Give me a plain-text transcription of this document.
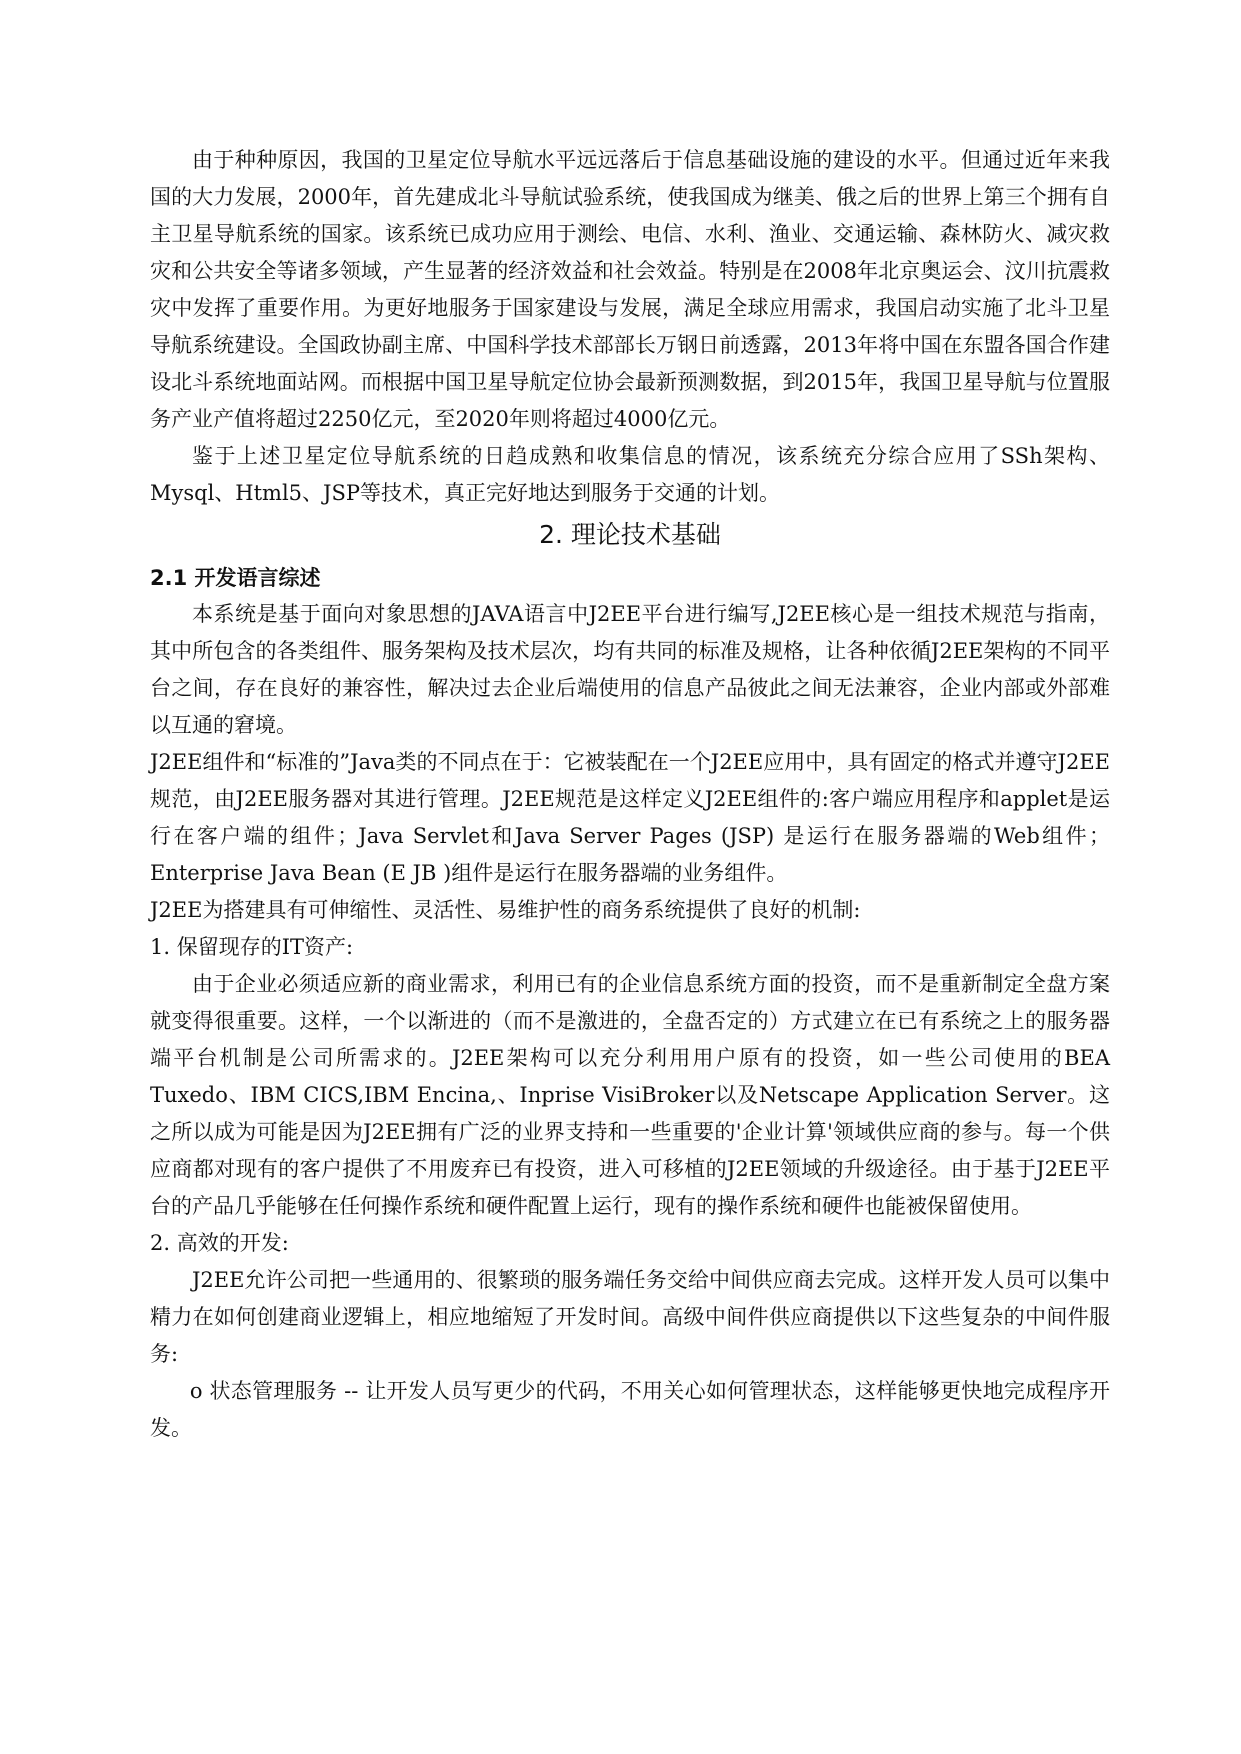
由于种种原因，我国的卫星定位导航水平远远落后于信息基础设施的建设的水平。但通过近年来我国的大力发展，2000年，首先建成北斗导航试验系统，使我国成为继美、俄之后的世界上第三个拥有自主卫星导航系统的国家。该系统已成功应用于测绘、电信、水利、渔业、交通运输、森林防火、减灾救灾和公共安全等诸多领域，产生显著的经济效益和社会效益。特别是在2008年北京奥运会、汶川抗震救灾中发挥了重要作用。为更好地服务于国家建设与发展，满足全球应用需求，我国启动实施了北斗卫星导航系统建设。全国政协副主席、中国科学技术部部长万钢日前透露，2013年将中国在东盟各国合作建设北斗系统地面站网。而根据中国卫星导航定位协会最新预测数据，到2015年，我国卫星导航与位置服务产业产值将超过2250亿元，至2020年则将超过4000亿元。

鉴于上述卫星定位导航系统的日趋成熟和收集信息的情况，该系统充分综合应用了SSh架构、Mysql、Html5、JSP等技术，真正完好地达到服务于交通的计划。

2. 理论技术基础
2.1 开发语言综述

本系统是基于面向对象思想的JAVA语言中J2EE平台进行编写,J2EE核心是一组技术规范与指南，其中所包含的各类组件、服务架构及技术层次，均有共同的标准及规格，让各种依循J2EE架构的不同平台之间，存在良好的兼容性，解决过去企业后端使用的信息产品彼此之间无法兼容，企业内部或外部难以互通的窘境。

J2EE组件和“标准的”Java类的不同点在于：它被装配在一个J2EE应用中，具有固定的格式并遵守J2EE规范，由J2EE服务器对其进行管理。J2EE规范是这样定义J2EE组件的:客户端应用程序和applet是运行在客户端的组件；Java Servlet和Java Server Pages (JSP) 是运行在服务器端的Web组件；Enterprise Java Bean (E JB )组件是运行在服务器端的业务组件。

J2EE为搭建具有可伸缩性、灵活性、易维护性的商务系统提供了良好的机制:

1. 保留现存的IT资产:

由于企业必须适应新的商业需求，利用已有的企业信息系统方面的投资，而不是重新制定全盘方案就变得很重要。这样，一个以渐进的（而不是激进的，全盘否定的）方式建立在已有系统之上的服务器端平台机制是公司所需求的。J2EE架构可以充分利用用户原有的投资，如一些公司使用的BEA Tuxedo、IBM CICS,IBM Encina,、Inprise VisiBroker以及Netscape Application Server。这之所以成为可能是因为J2EE拥有广泛的业界支持和一些重要的'企业计算'领域供应商的参与。每一个供应商都对现有的客户提供了不用废弃已有投资，进入可移植的J2EE领域的升级途径。由于基于J2EE平台的产品几乎能够在任何操作系统和硬件配置上运行，现有的操作系统和硬件也能被保留使用。

2. 高效的开发:

J2EE允许公司把一些通用的、很繁琐的服务端任务交给中间供应商去完成。这样开发人员可以集中精力在如何创建商业逻辑上，相应地缩短了开发时间。高级中间件供应商提供以下这些复杂的中间件服务:

o 状态管理服务 -- 让开发人员写更少的代码，不用关心如何管理状态，这样能够更快地完成程序开发。
